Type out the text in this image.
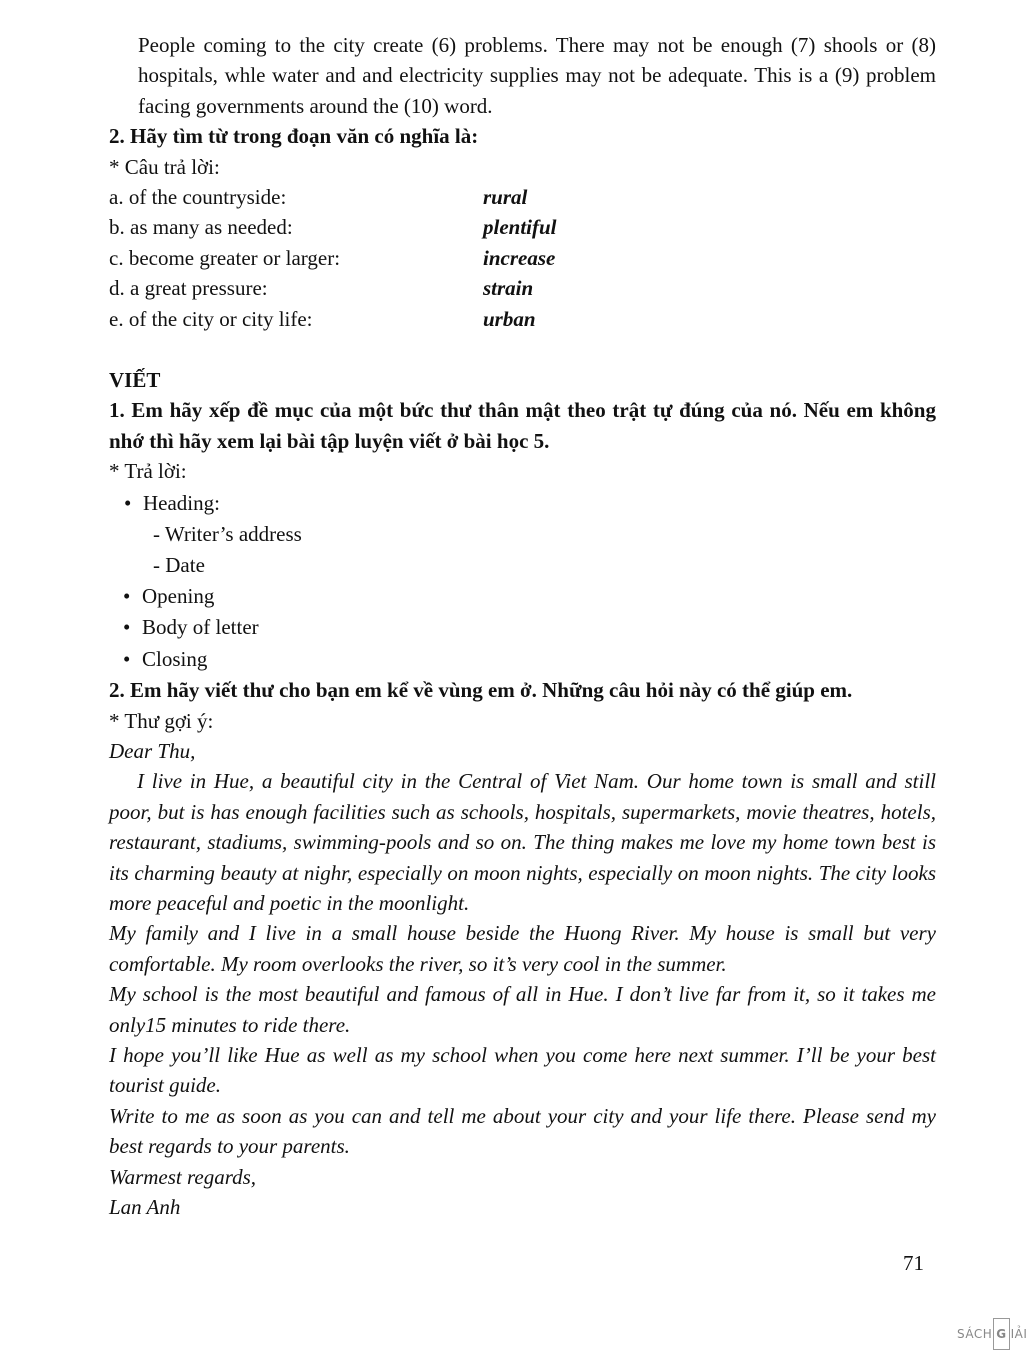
People coming to the city create (6) problems. There may not be enough (7) shools or (8) hospitals, whle water and and electricity supplies may not be adequate. This is a (9) problem facing governments around the (10) word.
2. Hãy tìm từ trong đoạn văn có nghĩa là:
* Câu trả lời:
a. of the countryside:	rural
b. as many as needed:	plentiful
c. become greater or larger:	increase
d. a great pressure:	strain
e. of the city or city life:	urban
VIẾT
1. Em hãy xếp đề mục của một bức thư thân mật theo trật tự đúng của nó. Nếu em không nhớ thì hãy xem lại bài tập luyện viết ở bài học 5.
* Trả lời:
• Heading:
- Writer’s address
- Date
• Opening
• Body of letter
• Closing
2. Em hãy viết thư cho bạn em kể về vùng em ở. Những câu hỏi này có thể giúp em.
* Thư gợi ý:

Dear Thu,

I live in Hue, a beautiful city in the Central of Viet Nam. Our home town is small and still poor, but is has enough facilities such as schools, hospitals, supermarkets, movie theatres, hotels, restaurant, stadiums, swimming-pools and so on. The thing makes me love my home town best is its charming beauty at nighr, especially on moon nights, especially on moon nights. The city looks more peaceful and poetic in the moonlight.

My family and I live in a small house beside the Huong River. My house is small but very comfortable. My room overlooks the river, so it’s very cool in the summer.

My school is the most beautiful and famous of all in Hue. I don’t live far from it, so it takes me only15 minutes to ride there.

I hope you’ll like Hue as well as my school when you come here next summer. I’ll be your best tourist guide.

Write to me as soon as you can and tell me about your city and your life there. Please send my best regards to your parents.

Warmest regards,

Lan Anh

71
SÁCH G IẢI
